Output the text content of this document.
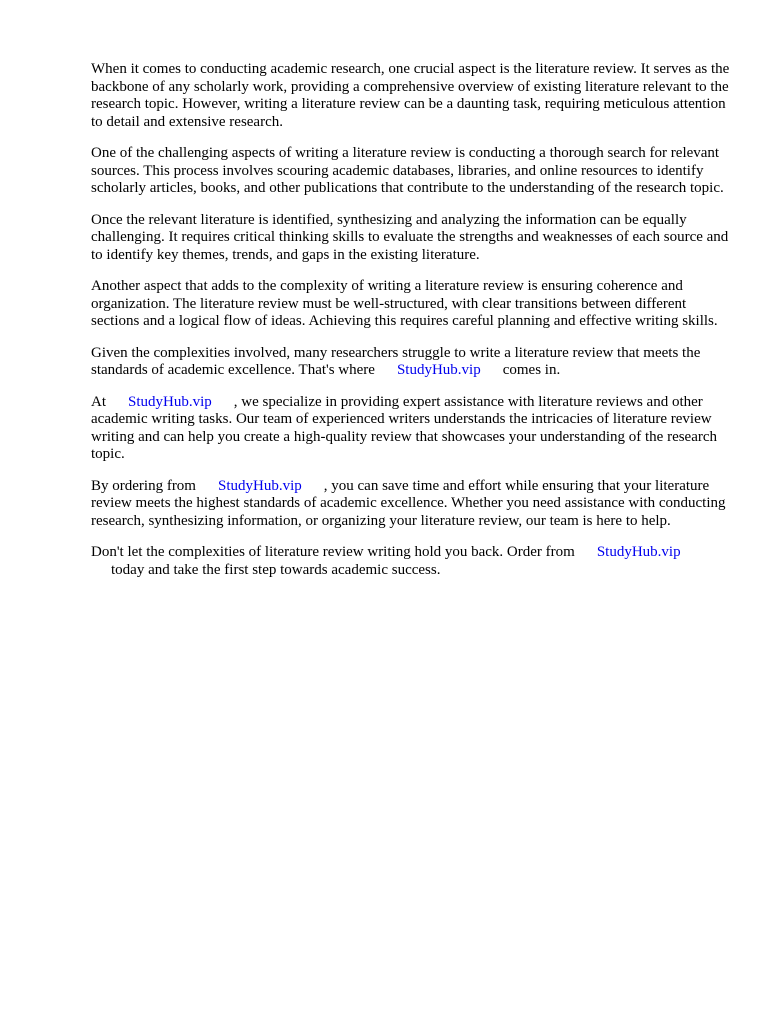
When it comes to conducting academic research, one crucial aspect is the literature review. It serves as the backbone of any scholarly work, providing a comprehensive overview of existing literature relevant to the research topic. However, writing a literature review can be a daunting task, requiring meticulous attention to detail and extensive research.

One of the challenging aspects of writing a literature review is conducting a thorough search for relevant sources. This process involves scouring academic databases, libraries, and online resources to identify scholarly articles, books, and other publications that contribute to the understanding of the research topic.

Once the relevant literature is identified, synthesizing and analyzing the information can be equally challenging. It requires critical thinking skills to evaluate the strengths and weaknesses of each source and to identify key themes, trends, and gaps in the existing literature.

Another aspect that adds to the complexity of writing a literature review is ensuring coherence and organization. The literature review must be well-structured, with clear transitions between different sections and a logical flow of ideas. Achieving this requires careful planning and effective writing skills.

Given the complexities involved, many researchers struggle to write a literature review that meets the standards of academic excellence. That's where StudyHub.vip comes in.

At StudyHub.vip , we specialize in providing expert assistance with literature reviews and other academic writing tasks. Our team of experienced writers understands the intricacies of literature review writing and can help you create a high-quality review that showcases your understanding of the research topic.

By ordering from StudyHub.vip , you can save time and effort while ensuring that your literature review meets the highest standards of academic excellence. Whether you need assistance with conducting research, synthesizing information, or organizing your literature review, our team is here to help.

Don't let the complexities of literature review writing hold you back. Order from StudyHub.vip
today and take the first step towards academic success.
